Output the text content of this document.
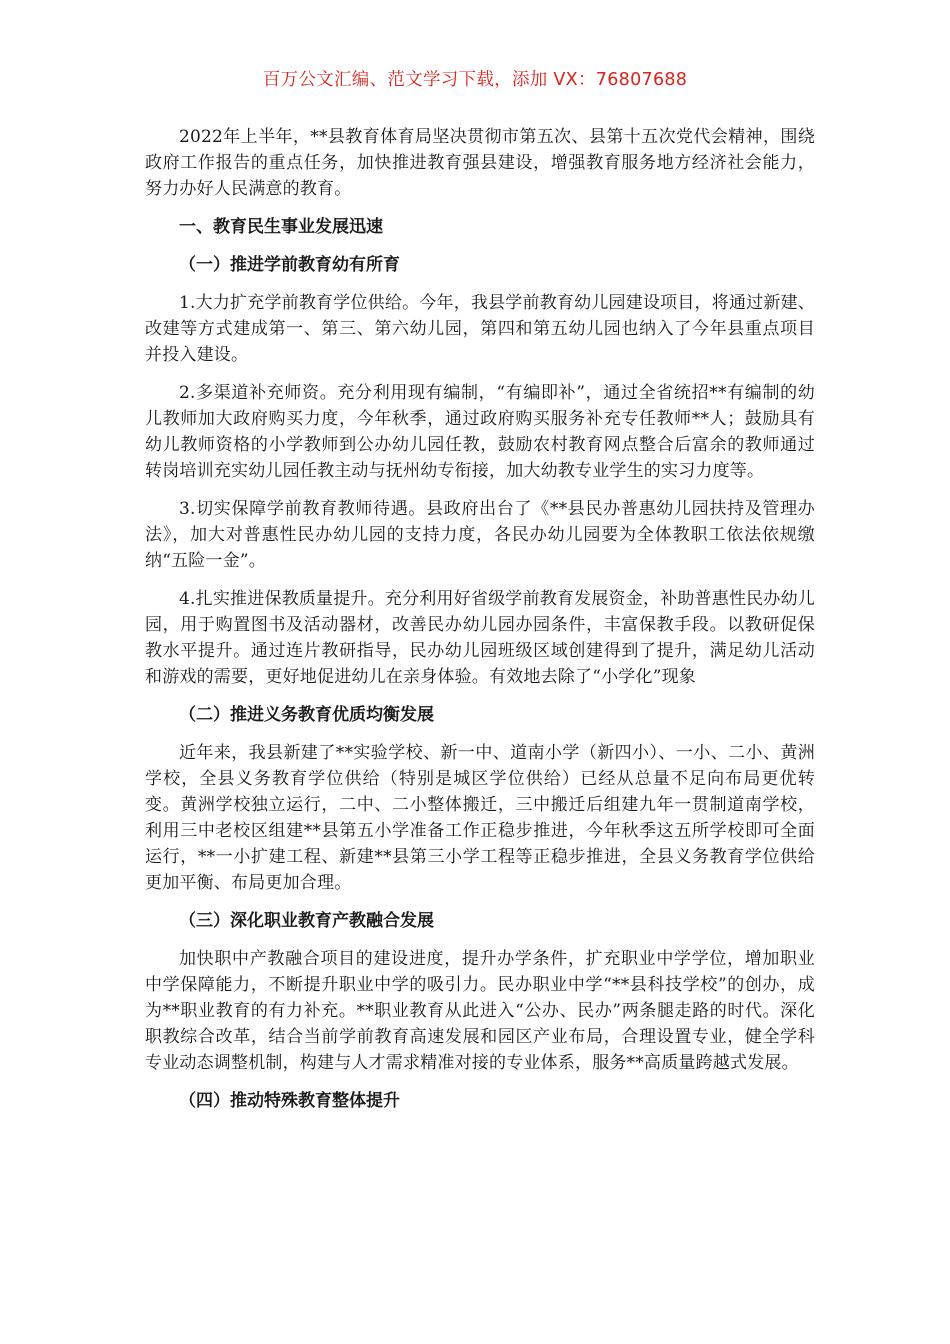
百万公文汇编、范文学习下载，添加 VX：76807688

2022年上半年，**县教育体育局坚决贯彻市第五次、县第十五次党代会精神，围绕政府工作报告的重点任务，加快推进教育强县建设，增强教育服务地方经济社会能力，努力办好人民满意的教育。

一、教育民生事业发展迅速

（一）推进学前教育幼有所育

1.大力扩充学前教育学位供给。今年，我县学前教育幼儿园建设项目，将通过新建、改建等方式建成第一、第三、第六幼儿园，第四和第五幼儿园也纳入了今年县重点项目并投入建设。

2.多渠道补充师资。充分利用现有编制，“有编即补”，通过全省统招**有编制的幼儿教师加大政府购买力度，今年秋季，通过政府购买服务补充专任教师**人；鼓励具有幼儿教师资格的小学教师到公办幼儿园任教，鼓励农村教育网点整合后富余的教师通过转岗培训充实幼儿园任教主动与抚州幼专衔接，加大幼教专业学生的实习力度等。

3.切实保障学前教育教师待遇。县政府出台了《**县民办普惠幼儿园扶持及管理办法》，加大对普惠性民办幼儿园的支持力度，各民办幼儿园要为全体教职工依法依规缴纳“五险一金”。

4.扎实推进保教质量提升。充分利用好省级学前教育发展资金，补助普惠性民办幼儿园，用于购置图书及活动器材，改善民办幼儿园办园条件，丰富保教手段。以教研促保教水平提升。通过连片教研指导，民办幼儿园班级区域创建得到了提升，满足幼儿活动和游戏的需要，更好地促进幼儿在亲身体验。有效地去除了“小学化”现象

（二）推进义务教育优质均衡发展

近年来，我县新建了**实验学校、新一中、道南小学（新四小）、一小、二小、黄洲学校，全县义务教育学位供给（特别是城区学位供给）已经从总量不足向布局更优转变。黄洲学校独立运行，二中、二小整体搬迁，三中搬迁后组建九年一贯制道南学校，利用三中老校区组建**县第五小学准备工作正稳步推进，今年秋季这五所学校即可全面运行，**一小扩建工程、新建**县第三小学工程等正稳步推进，全县义务教育学位供给更加平衡、布局更加合理。

（三）深化职业教育产教融合发展

加快职中产教融合项目的建设进度，提升办学条件，扩充职业中学学位，增加职业中学保障能力，不断提升职业中学的吸引力。民办职业中学“**县科技学校”的创办，成为**职业教育的有力补充。**职业教育从此进入“公办、民办”两条腿走路的时代。深化职教综合改革，结合当前学前教育高速发展和园区产业布局，合理设置专业，健全学科专业动态调整机制，构建与人才需求精准对接的专业体系，服务**高质量跨越式发展。

（四）推动特殊教育整体提升
